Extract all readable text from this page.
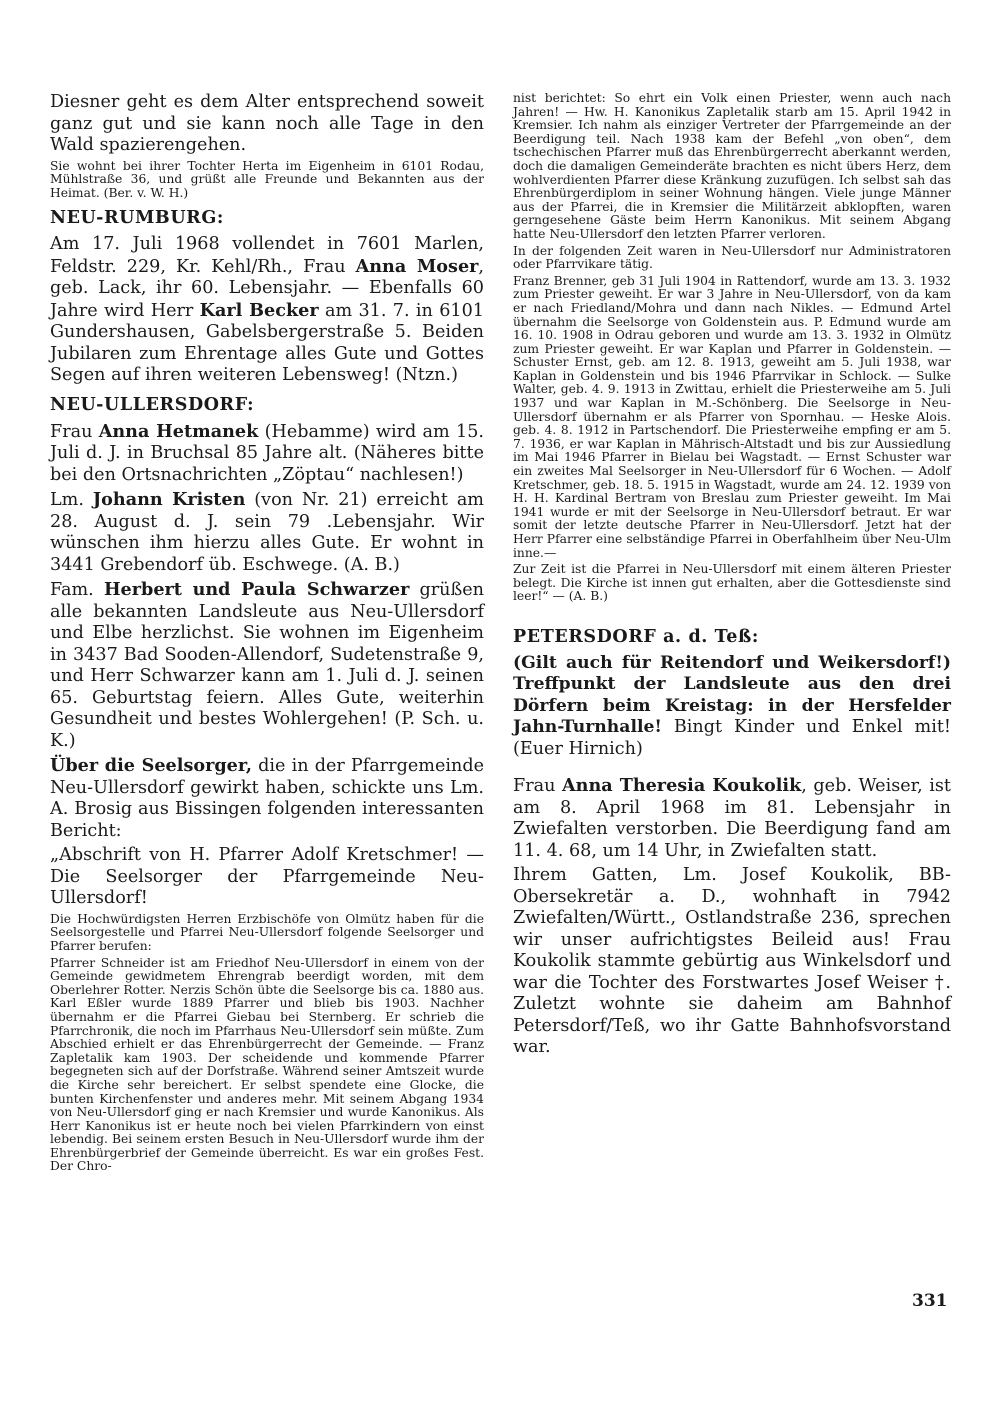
Diesner geht es dem Alter entsprechend soweit ganz gut und sie kann noch alle Tage in den Wald spazierengehen.

Sie wohnt bei ihrer Tochter Herta im Eigenheim in 6101 Rodau, Mühlstraße 36, und grüßt alle Freunde und Bekannten aus der Heimat. (Ber. v. W. H.)

NEU-RUMBURG:

Am 17. Juli 1968 vollendet in 7601 Marlen, Feldstr. 229, Kr. Kehl/Rh., Frau Anna Moser, geb. Lack, ihr 60. Lebensjahr. — Ebenfalls 60 Jahre wird Herr Karl Becker am 31. 7. in 6101 Gundershausen, Gabelsbergerstraße 5. Beiden Jubilaren zum Ehrentage alles Gute und Gottes Segen auf ihren weiteren Lebensweg! (Ntzn.)

NEU-ULLERSDORF:

Frau Anna Hetmanek (Hebamme) wird am 15. Juli d. J. in Bruchsal 85 Jahre alt. (Näheres bitte bei den Ortsnachrichten „Zöptau“ nachlesen!)

Lm. Johann Kristen (von Nr. 21) erreicht am 28. August d. J. sein 79 .Lebensjahr. Wir wünschen ihm hierzu alles Gute. Er wohnt in 3441 Grebendorf üb. Eschwege. (A. B.)

Fam. Herbert und Paula Schwarzer grüßen alle bekannten Landsleute aus Neu-Ullersdorf und Elbe herzlichst. Sie wohnen im Eigenheim in 3437 Bad Sooden-Allendorf, Sudetenstraße 9, und Herr Schwarzer kann am 1. Juli d. J. seinen 65. Geburtstag feiern. Alles Gute, weiterhin Gesundheit und bestes Wohlergehen! (P. Sch. u. K.)

Über die Seelsorger, die in der Pfarrgemeinde Neu-Ullersdorf gewirkt haben, schickte uns Lm. A. Brosig aus Bissingen folgenden interessanten Bericht:

„Abschrift von H. Pfarrer Adolf Kretschmer! — Die Seelsorger der Pfarrgemeinde Neu-Ullersdorf!

Die Hochwürdigsten Herren Erzbischöfe von Olmütz haben für die Seelsorgestelle und Pfarrei Neu-Ullersdorf folgende Seelsorger und Pfarrer berufen:

Pfarrer Schneider ist am Friedhof Neu-Ullersdorf in einem von der Gemeinde gewidmetem Ehrengrab beerdigt worden, mit dem Oberlehrer Rotter. Nerzis Schön übte die Seelsorge bis ca. 1880 aus. Karl Eßler wurde 1889 Pfarrer und blieb bis 1903. Nachher übernahm er die Pfarrei Giebau bei Sternberg. Er schrieb die Pfarrchronik, die noch im Pfarrhaus Neu-Ullersdorf sein müßte. Zum Abschied erhielt er das Ehrenbürgerrecht der Gemeinde. — Franz Zapletalik kam 1903. Der scheidende und kommende Pfarrer begegneten sich auf der Dorfstraße. Während seiner Amtszeit wurde die Kirche sehr bereichert. Er selbst spendete eine Glocke, die bunten Kirchenfenster und anderes mehr. Mit seinem Abgang 1934 von Neu-Ullersdorf ging er nach Kremsier und wurde Kanonikus. Als Herr Kanonikus ist er heute noch bei vielen Pfarrkindern von einst lebendig. Bei seinem ersten Besuch in Neu-Ullersdorf wurde ihm der Ehrenbürgerbrief der Gemeinde überreicht. Es war ein großes Fest. Der Chro-

nist berichtet: So ehrt ein Volk einen Priester, wenn auch nach Jahren! — Hw. H. Kanonikus Zapletalik starb am 15. April 1942 in Kremsier. Ich nahm als einziger Vertreter der Pfarrgemeinde an der Beerdigung teil. Nach 1938 kam der Befehl „von oben“, dem tschechischen Pfarrer muß das Ehrenbürgerrecht aberkannt werden, doch die damaligen Gemeinderäte brachten es nicht übers Herz, dem wohlverdienten Pfarrer diese Kränkung zuzufügen. Ich selbst sah das Ehrenbürgerdiplom in seiner Wohnung hängen. Viele junge Männer aus der Pfarrei, die in Kremsier die Militärzeit abklopften, waren gerngesehene Gäste beim Herrn Kanonikus. Mit seinem Abgang hatte Neu-Ullersdorf den letzten Pfarrer verloren.

In der folgenden Zeit waren in Neu-Ullersdorf nur Administratoren oder Pfarrvikare tätig.

Franz Brenner, geb 31 Juli 1904 in Rattendorf, wurde am 13. 3. 1932 zum Priester geweiht. Er war 3 Jahre in Neu-Ullersdorf, von da kam er nach Friedland/Mohra und dann nach Nikles. — Edmund Artel übernahm die Seelsorge von Goldenstein aus. P. Edmund wurde am 16. 10. 1908 in Odrau geboren und wurde am 13. 3. 1932 in Olmütz zum Priester geweiht. Er war Kaplan und Pfarrer in Goldenstein. — Schuster Ernst, geb. am 12. 8. 1913, geweiht am 5. Juli 1938, war Kaplan in Goldenstein und bis 1946 Pfarrvikar in Schlock. — Sulke Walter, geb. 4. 9. 1913 in Zwittau, erhielt die Priesterweihe am 5. Juli 1937 und war Kaplan in M.-Schönberg. Die Seelsorge in Neu-Ullersdorf übernahm er als Pfarrer von Spornhau. — Heske Alois. geb. 4. 8. 1912 in Partschendorf. Die Priesterweihe empfing er am 5. 7. 1936, er war Kaplan in Mährisch-Altstadt und bis zur Aussiedlung im Mai 1946 Pfarrer in Bielau bei Wagstadt. — Ernst Schuster war ein zweites Mal Seelsorger in Neu-Ullersdorf für 6 Wochen. — Adolf Kretschmer, geb. 18. 5. 1915 in Wagstadt, wurde am 24. 12. 1939 von H. H. Kardinal Bertram von Breslau zum Priester geweiht. Im Mai 1941 wurde er mit der Seelsorge in Neu-Ullersdorf betraut. Er war somit der letzte deutsche Pfarrer in Neu-Ullersdorf. Jetzt hat der Herr Pfarrer eine selbständige Pfarrei in Oberfahlheim über Neu-Ulm inne.—

Zur Zeit ist die Pfarrei in Neu-Ullersdorf mit einem älteren Priester belegt. Die Kirche ist innen gut erhalten, aber die Gottesdienste sind leer!“ — (A. B.)

PETERSDORF a. d. Teß:

(Gilt auch für Reitendorf und Weikersdorf!) Treffpunkt der Landsleute aus den drei Dörfern beim Kreistag: in der Hersfelder Jahn-Turnhalle! Bingt Kinder und Enkel mit! (Euer Hirnich)

Frau Anna Theresia Koukolik, geb. Weiser, ist am 8. April 1968 im 81. Lebensjahr in Zwiefalten verstorben. Die Beerdigung fand am 11. 4. 68, um 14 Uhr, in Zwiefalten statt.

Ihrem Gatten, Lm. Josef Koukolik, BB-Obersekretär a. D., wohnhaft in 7942 Zwiefalten/Württ., Ostlandstraße 236, sprechen wir unser aufrichtigstes Beileid aus! Frau Koukolik stammte gebürtig aus Winkelsdorf und war die Tochter des Forstwartes Josef Weiser †. Zuletzt wohnte sie daheim am Bahnhof Petersdorf/Teß, wo ihr Gatte Bahnhofsvorstand war.

331
